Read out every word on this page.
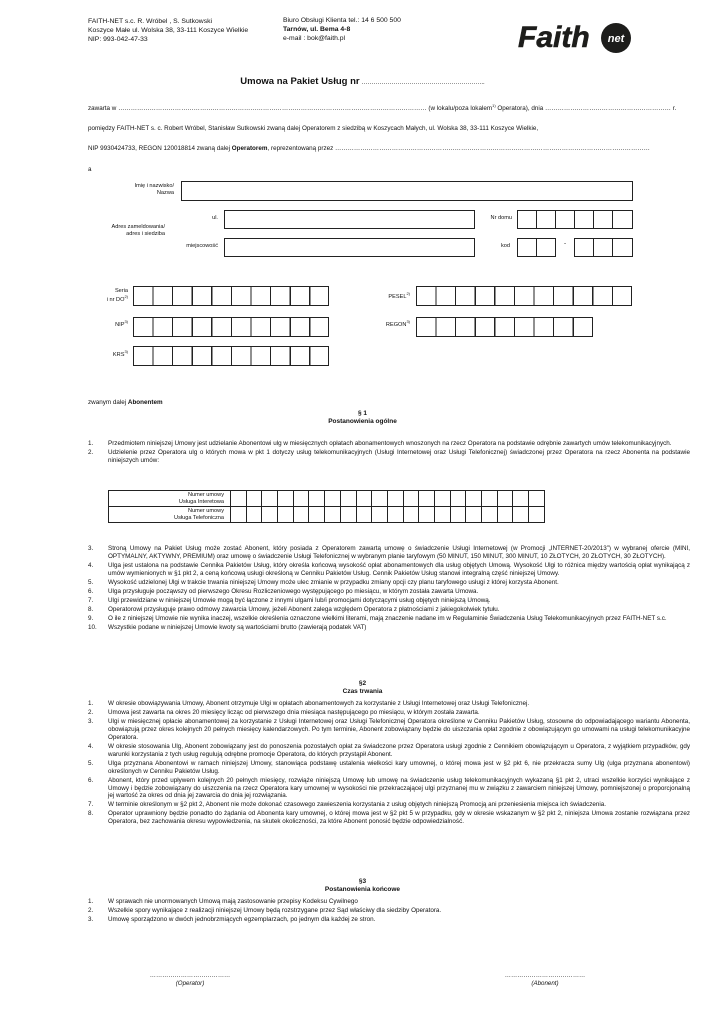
FAITH-NET s.c. R. Wróbel , S. Sutkowski
Koszyce Małe ul. Wolska 38, 33-111 Koszyce Wielkie
NIP: 993-042-47-33
Biuro Obsługi Klienta tel.: 14 6 500 500
Tarnów, ul. Bema 4-8
e-mail : bok@faith.pl	Faith net
Umowa na Pakiet Usług nr ……………………………………………………..
zawarta w ………………………………………………………………………………………………………………………………… (w lokalu/poza lokalem$^{1)}$ Operatora), dnia …………………………………………………… r.
pomiędzy FAITH-NET s. c. Robert Wróbel, Stanisław Sutkowski zwaną dalej Operatorem z siedzibą w Koszycach Małych, ul. Wolska 38, 33-111 Koszyce Wielkie,
NIP 9930424733, REGON 120018814 zwaną dalej Operatorem, reprezentowaną przez ……………………………………………………………………………………………………………………………………
a
Imię i nazwisko/
Nazwa
Adres zameldowania/
adres i siedziba
ul.	Nr domu
miejscowość	kod	-
Seria
i nr DO$^{2)}$	PESEL$^{2)}$
NIP$^{3)}$
REGON$^{3)}$
KRS$^{3)}$
zwanym dalej Abonentem
§ 1
Postanowienia ogólne
1. Przedmiotem niniejszej Umowy jest udzielanie Abonentowi ulg w miesięcznych opłatach abonamentowych wnoszonych na rzecz Operatora na podstawie odrębnie zawartych umów telekomunikacyjnych.
2. Udzielenie przez Operatora ulg o których mowa w pkt 1 dotyczy usług telekomunikacyjnych (Usługi Internetowej oraz Usługi Telefonicznej) świadczonej przez Operatora na rzecz Abonenta na podstawie niniejszych umów:
Numer umowy
Usługa Interetowa																				

Numer umowy
Usługa Telefoniczna																				

3. Stroną Umowy na Pakiet Usług może zostać Abonent, który posiada z Operatorem zawartą umowę o świadczenie Usługi Internetowej (w Promocji „INTERNET-20/2013”) w wybranej ofercie (MINI, OPTYMALNY, AKTYWNY, PREMIUM) oraz umowę o świadczenie Usługi Telefonicznej w wybranym planie taryfowym (50 MINUT, 150 MINUT, 300 MINUT, 10 ZŁOTYCH, 20 ZŁOTYCH, 30 ZŁOTYCH).
4. Ulga jest ustalona na podstawie Cennika Pakietów Usług, który określa końcową wysokość opłat abonamentowych dla usług objętych Umową. Wysokość Ulgi to różnica między wartością opłat wynikającą z umów wymienionych w §1 pkt 2, a ceną końcową usługi określoną w Cenniku Pakietów Usług. Cennik Pakietów Usług stanowi integralną część niniejszej Umowy.
5. Wysokość udzielonej Ulgi w trakcie trwania niniejszej Umowy może ulec zmianie w przypadku zmiany opcji czy planu taryfowego usługi z której korzysta Abonent.
6. Ulga przysługuje począwszy od pierwszego Okresu Rozliczeniowego występującego po miesiącu, w którym została zawarta Umowa.
7. Ulgi przewidziane w niniejszej Umowie mogą być łączone z innymi ulgami lub/i promocjami dotyczącymi usług objętych niniejszą Umową.
8. Operatorowi przysługuje prawo odmowy zawarcia Umowy, jeżeli Abonent zalega względem Operatora z płatnościami z jakiegokolwiek tytułu.
9. O ile z niniejszej Umowie nie wynika inaczej, wszelkie określenia oznaczone wielkimi literami, mają znaczenie nadane im w Regulaminie Świadczenia Usług Telekomunikacyjnych przez FAITH-NET s.c.
10. Wszystkie podane w niniejszej Umowie kwoty są wartościami brutto (zawierają podatek VAT)
§2
Czas trwania
1. W okresie obowiązywania Umowy, Abonent otrzymuje Ulgi w opłatach abonamentowych za korzystanie z Usługi Internetowej oraz Usługi Telefonicznej.
2. Umowa jest zawarta na okres 20 miesięcy licząc od pierwszego dnia miesiąca następującego po miesiącu, w którym została zawarta.
3. Ulgi w miesięcznej opłacie abonamentowej za korzystanie z Usługi Internetowej oraz Usługi Telefonicznej Operatora określone w Cenniku Pakietów Usług, stosowne do odpowiadającego wariantu Abonenta, obowiązują przez okres kolejnych 20 pełnych miesięcy kalendarzowych. Po tym terminie, Abonent zobowiązany będzie do uiszczania opłat zgodnie z obowiązującym go umowami na usługi telekomunikacyjne Operatora.
4. W okresie stosowania Ulg, Abonent zobowiązany jest do ponoszenia pozostałych opłat za świadczone przez Operatora usługi zgodnie z Cennikiem obowiązującym u Operatora, z wyjątkiem przypadków, gdy warunki korzystania z tych usług regulują odrębne promocje Operatora, do których przystąpił Abonent.
5. Ulga przyznana Abonentowi w ramach niniejszej Umowy, stanowiąca podstawę ustalenia wielkości kary umownej, o której mowa jest w §2 pkt 6, nie przekracza sumy Ulg (ulga przyznana abonentowi) określonych w Cenniku Pakietów Usług.
6. Abonent, który przed upływem kolejnych 20 pełnych miesięcy, rozwiąże niniejszą Umowę lub umowę na świadczenie usług telekomunikacyjnych wykazaną §1 pkt 2, utraci wszelkie korzyści wynikające z Umowy i będzie zobowiązany do uiszczenia na rzecz Operatora kary umownej w wysokości nie przekraczającej ulgi przyznanej mu w związku z zawarciem niniejszej Umowy, pomniejszonej o proporcjonalną jej wartość za okres od dnia jej zawarcia do dnia jej rozwiązania.
7. W terminie określonym w §2 pkt 2, Abonent nie może dokonać czasowego zawieszenia korzystania z usług objętych niniejszą Promocją ani przeniesienia miejsca ich świadczenia.
8. Operator uprawniony będzie ponadto do żądania od Abonenta kary umownej, o której mowa jest w §2 pkt 5 w przypadku, gdy w okresie wskazanym w §2 pkt 2, niniejsza Umowa zostanie rozwiązana przez Operatora, bez zachowania okresu wypowiedzenia, na skutek okoliczności, za które Abonent ponosić będzie odpowiedzialność.
§3
Postanowienia końcowe
1. W sprawach nie unormowanych Umową mają zastosowanie przepisy Kodeksu Cywilnego
2. Wszelkie spory wynikające z realizacji niniejszej Umowy będą rozstrzygane przez Sąd właściwy dla siedziby Operatora.
3. Umowę sporządzono w dwóch jednobrzmiących egzemplarzach, po jednym dla każdej ze stron.
…………………………………
(Operator)
…………………………………
(Abonent)
